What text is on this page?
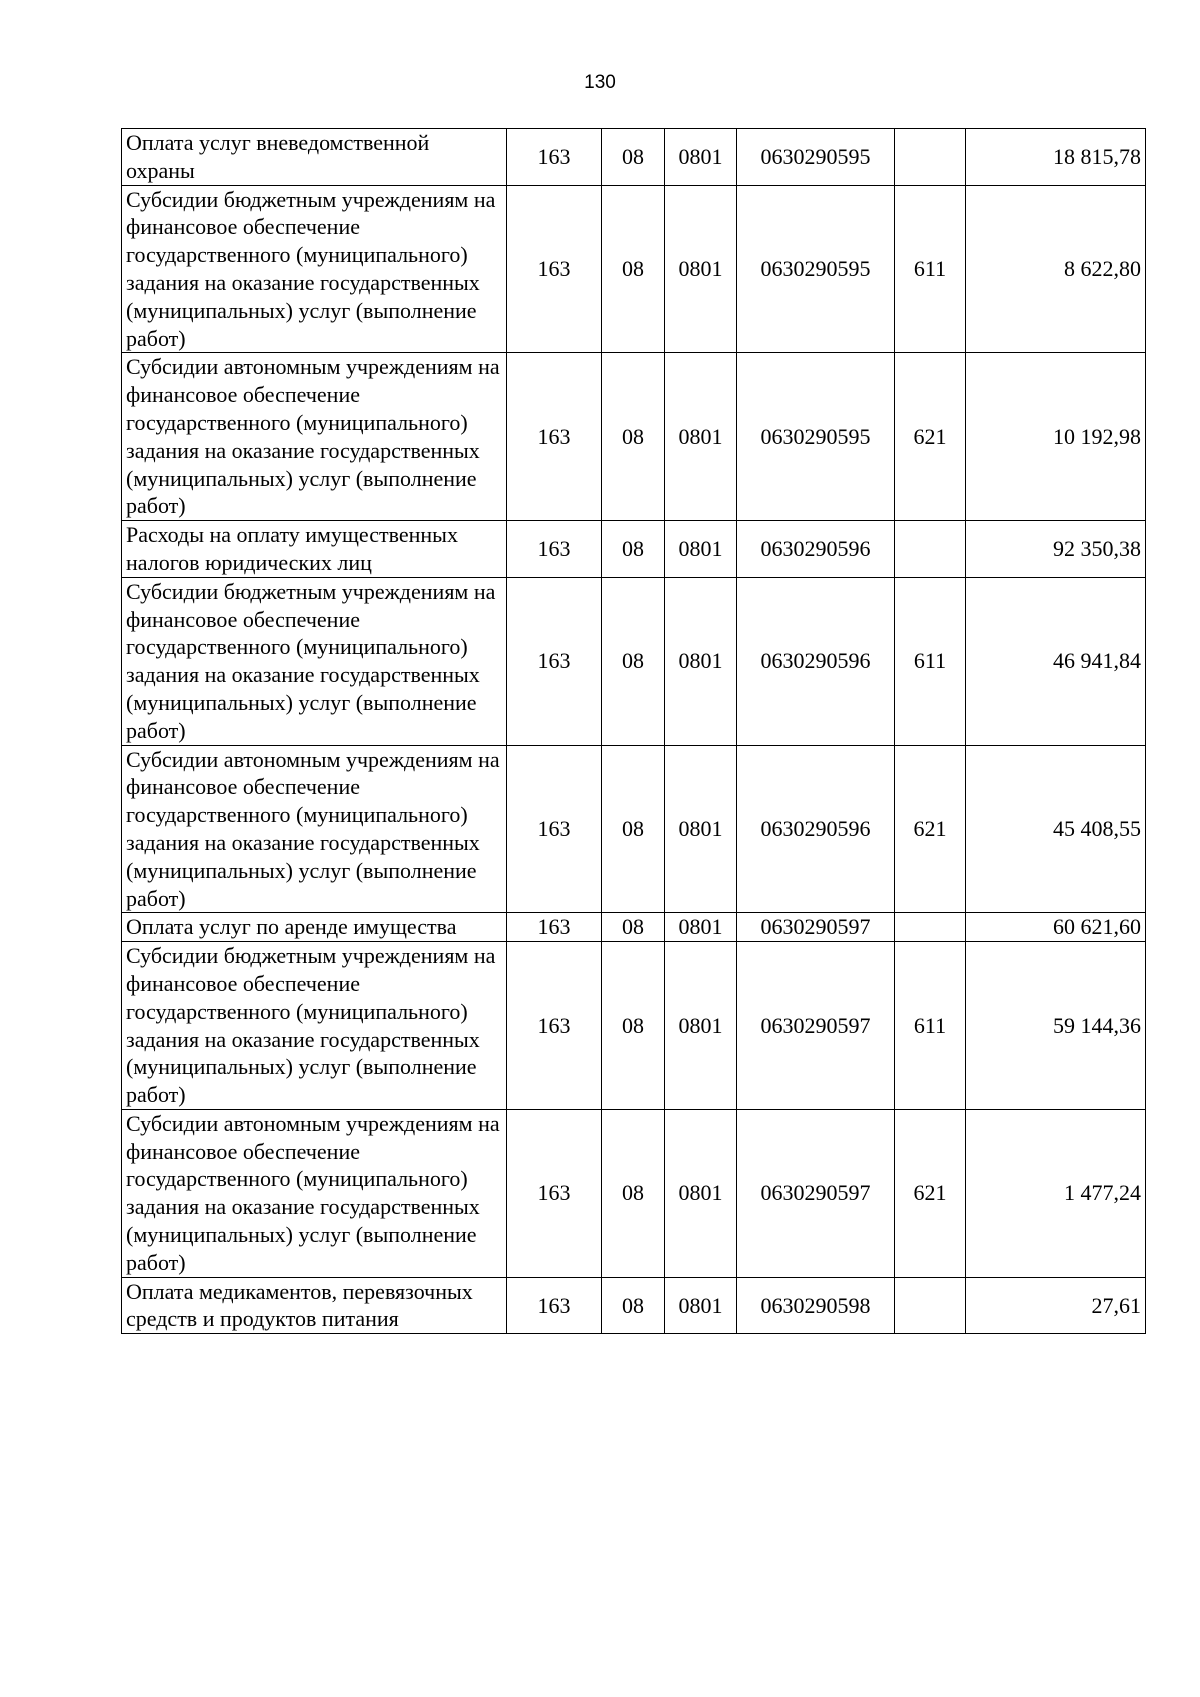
130
Оплата услуг вневедомственной охраны	163	08	0801	0630290595		18 815,78
Субсидии бюджетным учреждениям на финансовое обеспечение государственного (муниципального) задания на оказание государственных (муниципальных) услуг (выполнение работ)	163	08	0801	0630290595	611	8 622,80
Субсидии автономным учреждениям на финансовое обеспечение государственного (муниципального) задания на оказание государственных (муниципальных) услуг (выполнение работ)	163	08	0801	0630290595	621	10 192,98
Расходы на оплату имущественных налогов юридических лиц	163	08	0801	0630290596		92 350,38
Субсидии бюджетным учреждениям на финансовое обеспечение государственного (муниципального) задания на оказание государственных (муниципальных) услуг (выполнение работ)	163	08	0801	0630290596	611	46 941,84
Субсидии автономным учреждениям на финансовое обеспечение государственного (муниципального) задания на оказание государственных (муниципальных) услуг (выполнение работ)	163	08	0801	0630290596	621	45 408,55
Оплата услуг по аренде имущества	163	08	0801	0630290597		60 621,60
Субсидии бюджетным учреждениям на финансовое обеспечение государственного (муниципального) задания на оказание государственных (муниципальных) услуг (выполнение работ)	163	08	0801	0630290597	611	59 144,36
Субсидии автономным учреждениям на финансовое обеспечение государственного (муниципального) задания на оказание государственных (муниципальных) услуг (выполнение работ)	163	08	0801	0630290597	621	1 477,24
Оплата медикаментов, перевязочных средств и продуктов питания	163	08	0801	0630290598		27,61
